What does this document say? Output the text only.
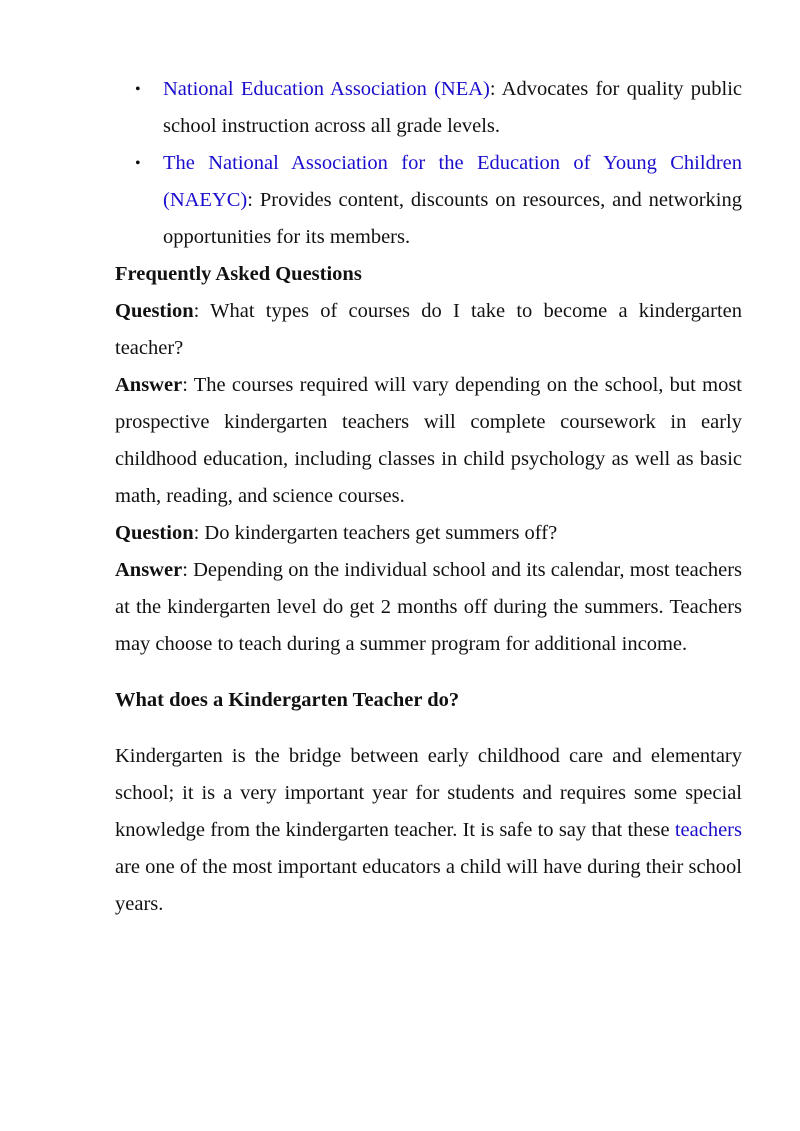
• National Education Association (NEA): Advocates for quality public school instruction across all grade levels.
• The National Association for the Education of Young Children (NAEYC): Provides content, discounts on resources, and networking opportunities for its members.
Frequently Asked Questions

Question: What types of courses do I take to become a kindergarten teacher?

Answer: The courses required will vary depending on the school, but most prospective kindergarten teachers will complete coursework in early childhood education, including classes in child psychology as well as basic math, reading, and science courses.

Question: Do kindergarten teachers get summers off?

Answer: Depending on the individual school and its calendar, most teachers at the kindergarten level do get 2 months off during the summers. Teachers may choose to teach during a summer program for additional income.

What does a Kindergarten Teacher do?

Kindergarten is the bridge between early childhood care and elementary school; it is a very important year for students and requires some special knowledge from the kindergarten teacher. It is safe to say that these teachers are one of the most important educators a child will have during their school years.
